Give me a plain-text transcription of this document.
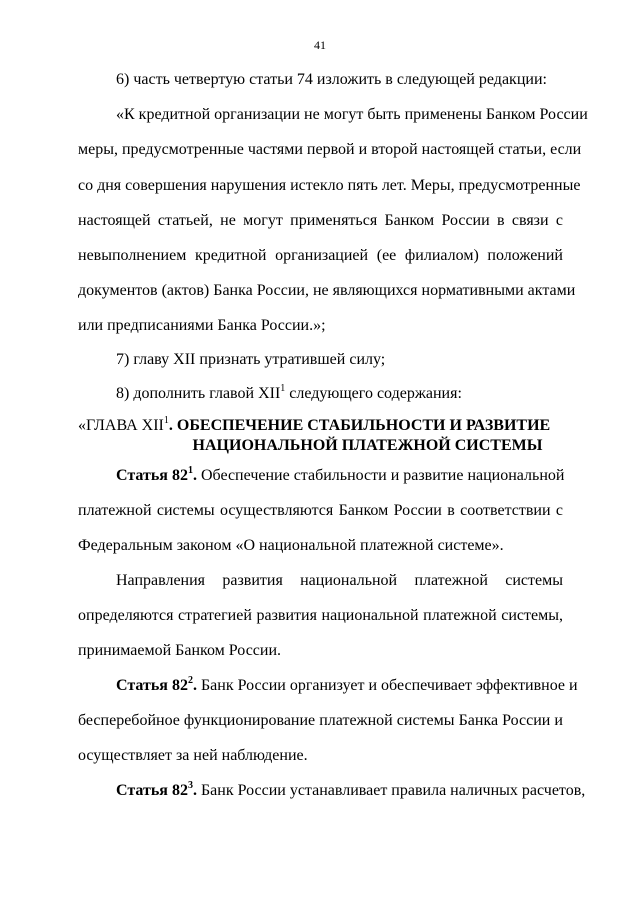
41
6) часть четвертую статьи 74 изложить в следующей редакции:
«К кредитной организации не могут быть применены Банком России
меры, предусмотренные частями первой и второй настоящей статьи, если
со дня совершения нарушения истекло пять лет. Меры, предусмотренные
настоящей статьей, не могут применяться Банком России в связи с
невыполнением кредитной организацией (ее филиалом) положений
документов (актов) Банка России, не являющихся нормативными актами
или предписаниями Банка России.»;
7) главу XII признать утратившей силу;
8) дополнить главой XII$^1$ следующего содержания:
«ГЛАВА XII$^1$. ОБЕСПЕЧЕНИЕ СТАБИЛЬНОСТИ И РАЗВИТИЕ
НАЦИОНАЛЬНОЙ ПЛАТЕЖНОЙ СИСТЕМЫ
Статья $82^1$. Обеспечение стабильности и развитие национальной
платежной системы осуществляются Банком России в соответствии с
Федеральным законом «О национальной платежной системе».
Направления развития национальной платежной системы
определяются стратегией развития национальной платежной системы,
принимаемой Банком России.
Статья $82^2$. Банк России организует и обеспечивает эффективное и
бесперебойное функционирование платежной системы Банка России и
осуществляет за ней наблюдение.
Статья $82^3$. Банк России устанавливает правила наличных расчетов,
